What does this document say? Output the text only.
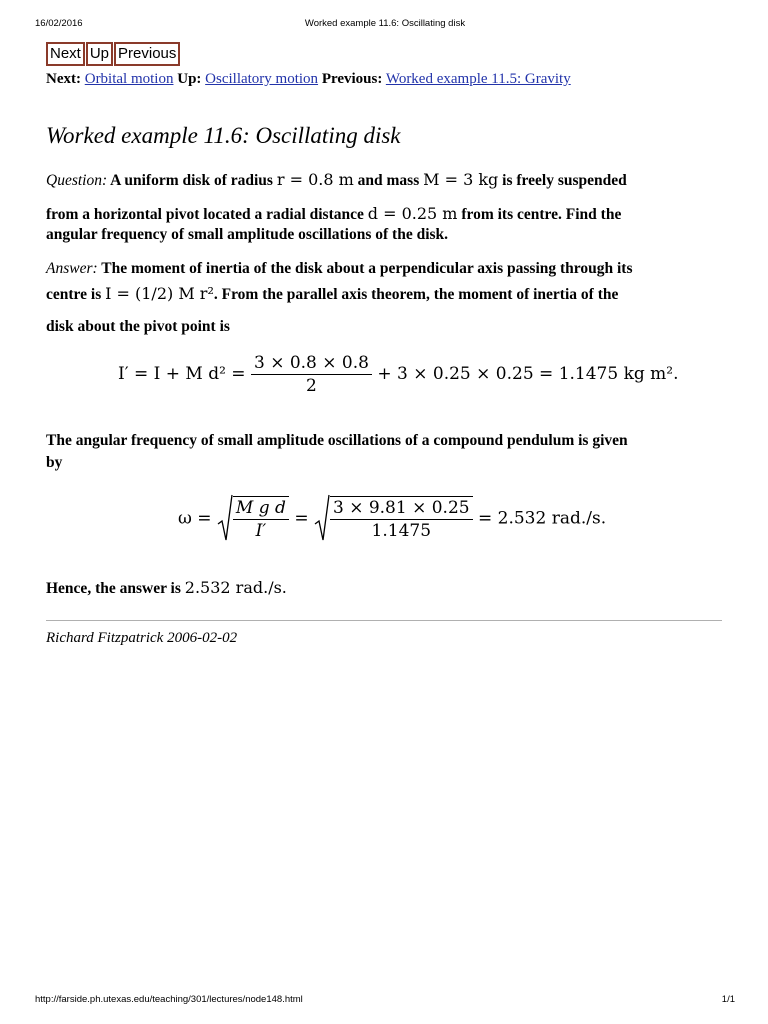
16/02/2016	Worked example 11.6: Oscillating disk
Next Up Previous
Next: Orbital motion Up: Oscillatory motion Previous: Worked example 11.5: Gravity
Worked example 11.6: Oscillating disk
Question: A uniform disk of radius r = 0.8 m and mass M = 3 kg is freely suspended
from a horizontal pivot located a radial distance d = 0.25 m from its centre. Find the
angular frequency of small amplitude oscillations of the disk.
Answer: The moment of inertia of the disk about a perpendicular axis passing through its
centre is I = (1/2) M r². From the parallel axis theorem, the moment of inertia of the
disk about the pivot point is
I′ = I + M $d^2 = \frac{3 \times 0.8 \times 0.8}{2} + 3 \times 0.25 \times 0.25 = 1.1475$ kg m².
The angular frequency of small amplitude oscillations of a compound pendulum is given
by
$\omega = \frac{\text{M g d}}{I'} = \frac{3 \times 9.81 \times 0.25}{1.1475} = 2.532$ rad./s.
Hence, the answer is 2.532 rad./s.
Richard Fitzpatrick 2006-02-02
http://farside.ph.utexas.edu/teaching/301/lectures/node148.html	1/1
